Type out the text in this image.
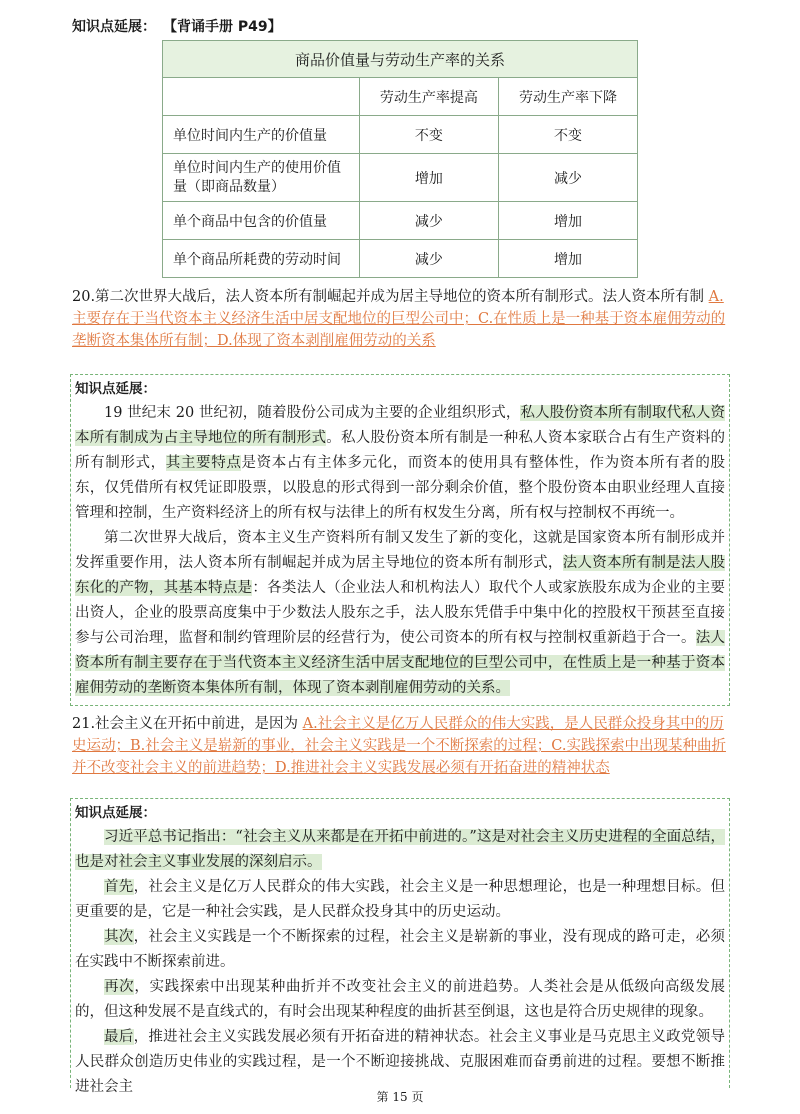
知识点延展： 【背诵手册 P49】
商品价值量与劳动生产率的关系		
	劳动生产率提高	劳动生产率下降
单位时间内生产的价值量	不变	不变
单位时间内生产的使用价值量（即商品数量）	增加	减少
单个商品中包含的价值量	减少	增加
单个商品所耗费的劳动时间	减少	增加
20.第二次世界大战后，法人资本所有制崛起并成为居主导地位的资本所有制形式。法人资本所有制 A.主要存在于当代资本主义经济生活中居支配地位的巨型公司中；C.在性质上是一种基于资本雇佣劳动的垄断资本集体所有制；D.体现了资本剥削雇佣劳动的关系
知识点延展：

19 世纪末 20 世纪初，随着股份公司成为主要的企业组织形式，私人股份资本所有制取代私人资本所有制成为占主导地位的所有制形式。私人股份资本所有制是一种私人资本家联合占有生产资料的所有制形式，其主要特点是资本占有主体多元化，而资本的使用具有整体性，作为资本所有者的股东，仅凭借所有权凭证即股票，以股息的形式得到一部分剩余价值，整个股份资本由职业经理人直接管理和控制，生产资料经济上的所有权与法律上的所有权发生分离，所有权与控制权不再统一。

第二次世界大战后，资本主义生产资料所有制又发生了新的变化，这就是国家资本所有制形成并发挥重要作用，法人资本所有制崛起并成为居主导地位的资本所有制形式，法人资本所有制是法人股东化的产物，其基本特点是：各类法人（企业法人和机构法人）取代个人或家族股东成为企业的主要出资人，企业的股票高度集中于少数法人股东之手，法人股东凭借手中集中化的控股权干预甚至直接参与公司治理，监督和制约管理阶层的经营行为，使公司资本的所有权与控制权重新趋于合一。法人资本所有制主要存在于当代资本主义经济生活中居支配地位的巨型公司中，在性质上是一种基于资本雇佣劳动的垄断资本集体所有制，体现了资本剥削雇佣劳动的关系。

21.社会主义在开拓中前进，是因为 A.社会主义是亿万人民群众的伟大实践，是人民群众投身其中的历史运动；B.社会主义是崭新的事业，社会主义实践是一个不断探索的过程；C.实践探索中出现某种曲折并不改变社会主义的前进趋势；D.推进社会主义实践发展必须有开拓奋进的精神状态
知识点延展：

习近平总书记指出：“社会主义从来都是在开拓中前进的。”这是对社会主义历史进程的全面总结，也是对社会主义事业发展的深刻启示。

首先，社会主义是亿万人民群众的伟大实践，社会主义是一种思想理论，也是一种理想目标。但更重要的是，它是一种社会实践，是人民群众投身其中的历史运动。

其次，社会主义实践是一个不断探索的过程，社会主义是崭新的事业，没有现成的路可走，必须在实践中不断探索前进。

再次，实践探索中出现某种曲折并不改变社会主义的前进趋势。人类社会是从低级向高级发展的，但这种发展不是直线式的，有时会出现某种程度的曲折甚至倒退，这也是符合历史规律的现象。

最后，推进社会主义实践发展必须有开拓奋进的精神状态。社会主义事业是马克思主义政党领导人民群众创造历史伟业的实践过程，是一个不断迎接挑战、克服困难而奋勇前进的过程。要想不断推进社会主

第 15 页
